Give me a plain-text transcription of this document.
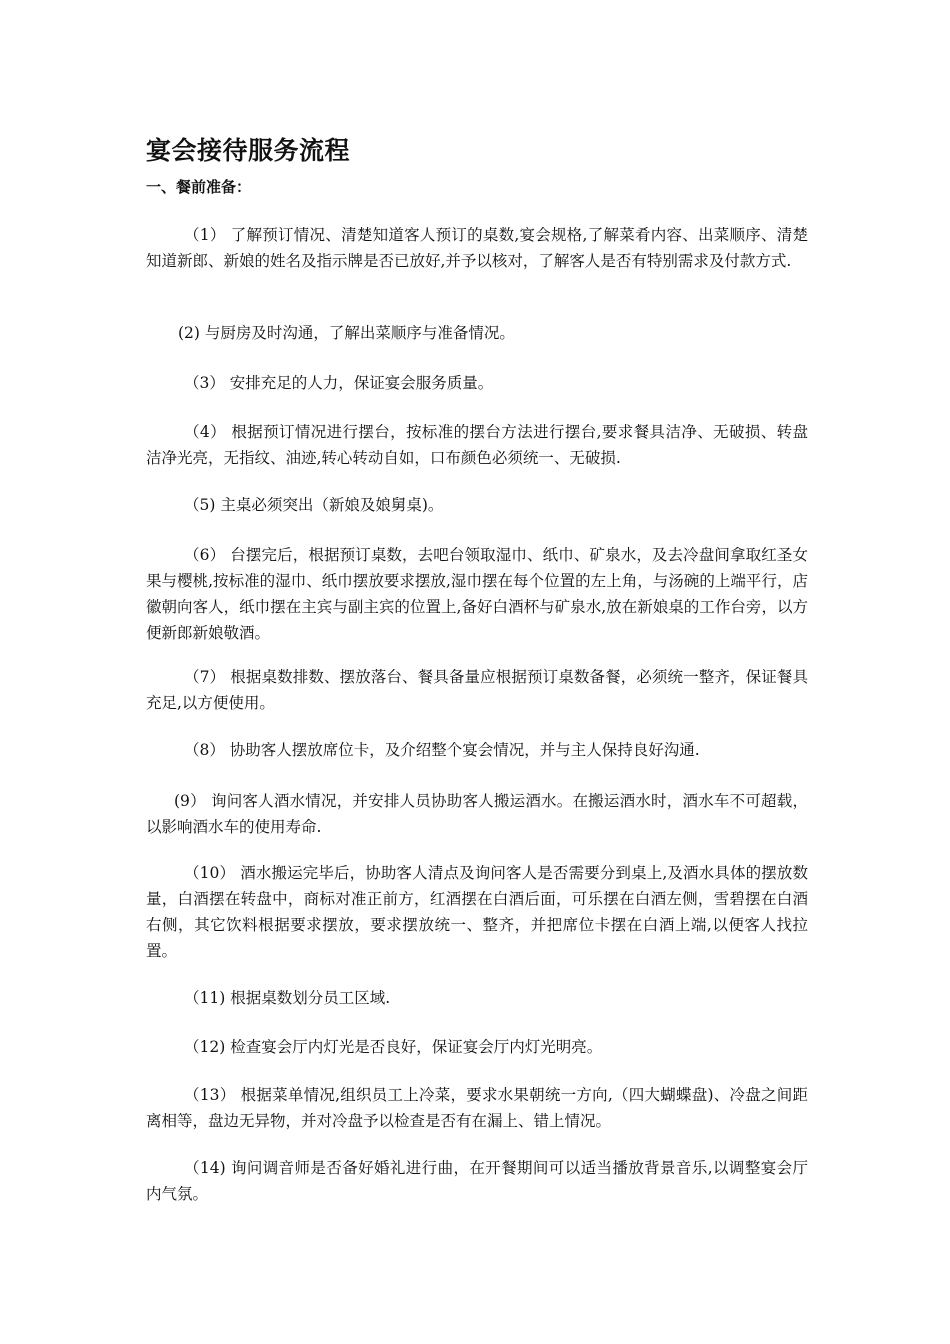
宴会接待服务流程
一、餐前准备：

（1） 了解预订情况、清楚知道客人预订的桌数,宴会规格,了解菜肴内容、出菜顺序、清楚知道新郎、新娘的姓名及指示牌是否已放好,并予以核对，了解客人是否有特别需求及付款方式.

(2) 与厨房及时沟通，了解出菜顺序与准备情况。

（3） 安排充足的人力，保证宴会服务质量。

（4） 根据预订情况进行摆台，按标准的摆台方法进行摆台,要求餐具洁净、无破损、转盘洁净光亮，无指纹、油迹,转心转动自如，口布颜色必须统一、无破损.

（5) 主桌必须突出（新娘及娘舅桌)。

（6） 台摆完后，根据预订桌数，去吧台领取湿巾、纸巾、矿泉水，及去冷盘间拿取红圣女果与樱桃,按标准的湿巾、纸巾摆放要求摆放,湿巾摆在每个位置的左上角，与汤碗的上端平行，店徽朝向客人，纸巾摆在主宾与副主宾的位置上,备好白酒杯与矿泉水,放在新娘桌的工作台旁，以方便新郎新娘敬酒。

（7） 根据桌数排数、摆放落台、餐具备量应根据预订桌数备餐，必须统一整齐，保证餐具充足,以方便使用。

（8） 协助客人摆放席位卡，及介绍整个宴会情况，并与主人保持良好沟通.

(9） 询问客人酒水情况，并安排人员协助客人搬运酒水。在搬运酒水时，酒水车不可超载，以影响酒水车的使用寿命.

（10） 酒水搬运完毕后，协助客人清点及询问客人是否需要分到桌上,及酒水具体的摆放数量，白酒摆在转盘中，商标对准正前方，红酒摆在白酒后面，可乐摆在白酒左侧，雪碧摆在白酒右侧，其它饮料根据要求摆放，要求摆放统一、整齐，并把席位卡摆在白酒上端,以便客人找拉置。

（11) 根据桌数划分员工区域.

（12) 检查宴会厅内灯光是否良好，保证宴会厅内灯光明亮。

（13） 根据菜单情况,组织员工上冷菜，要求水果朝统一方向,（四大蝴蝶盘)、冷盘之间距离相等，盘边无异物，并对冷盘予以检查是否有在漏上、错上情况。

（14) 询问调音师是否备好婚礼进行曲，在开餐期间可以适当播放背景音乐,以调整宴会厅内气氛。
